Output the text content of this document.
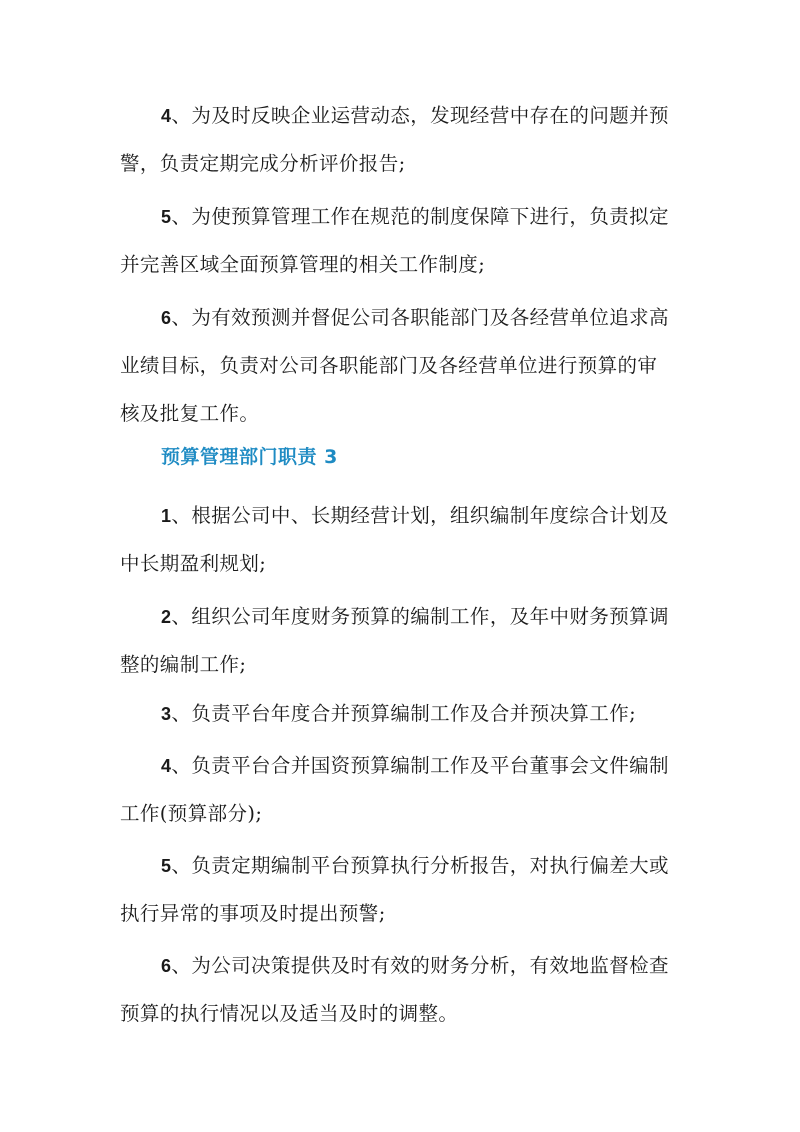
4、为及时反映企业运营动态，发现经营中存在的问题并预
警，负责定期完成分析评价报告;

5、为使预算管理工作在规范的制度保障下进行，负责拟定
并完善区域全面预算管理的相关工作制度;

6、为有效预测并督促公司各职能部门及各经营单位追求高
业绩目标，负责对公司各职能部门及各经营单位进行预算的审
核及批复工作。

预算管理部门职责 3

1、根据公司中、长期经营计划，组织编制年度综合计划及
中长期盈利规划;

2、组织公司年度财务预算的编制工作，及年中财务预算调
整的编制工作;

3、负责平台年度合并预算编制工作及合并预决算工作;

4、负责平台合并国资预算编制工作及平台董事会文件编制
工作(预算部分);

5、负责定期编制平台预算执行分析报告，对执行偏差大或
执行异常的事项及时提出预警;

6、为公司决策提供及时有效的财务分析，有效地监督检查
预算的执行情况以及适当及时的调整。
